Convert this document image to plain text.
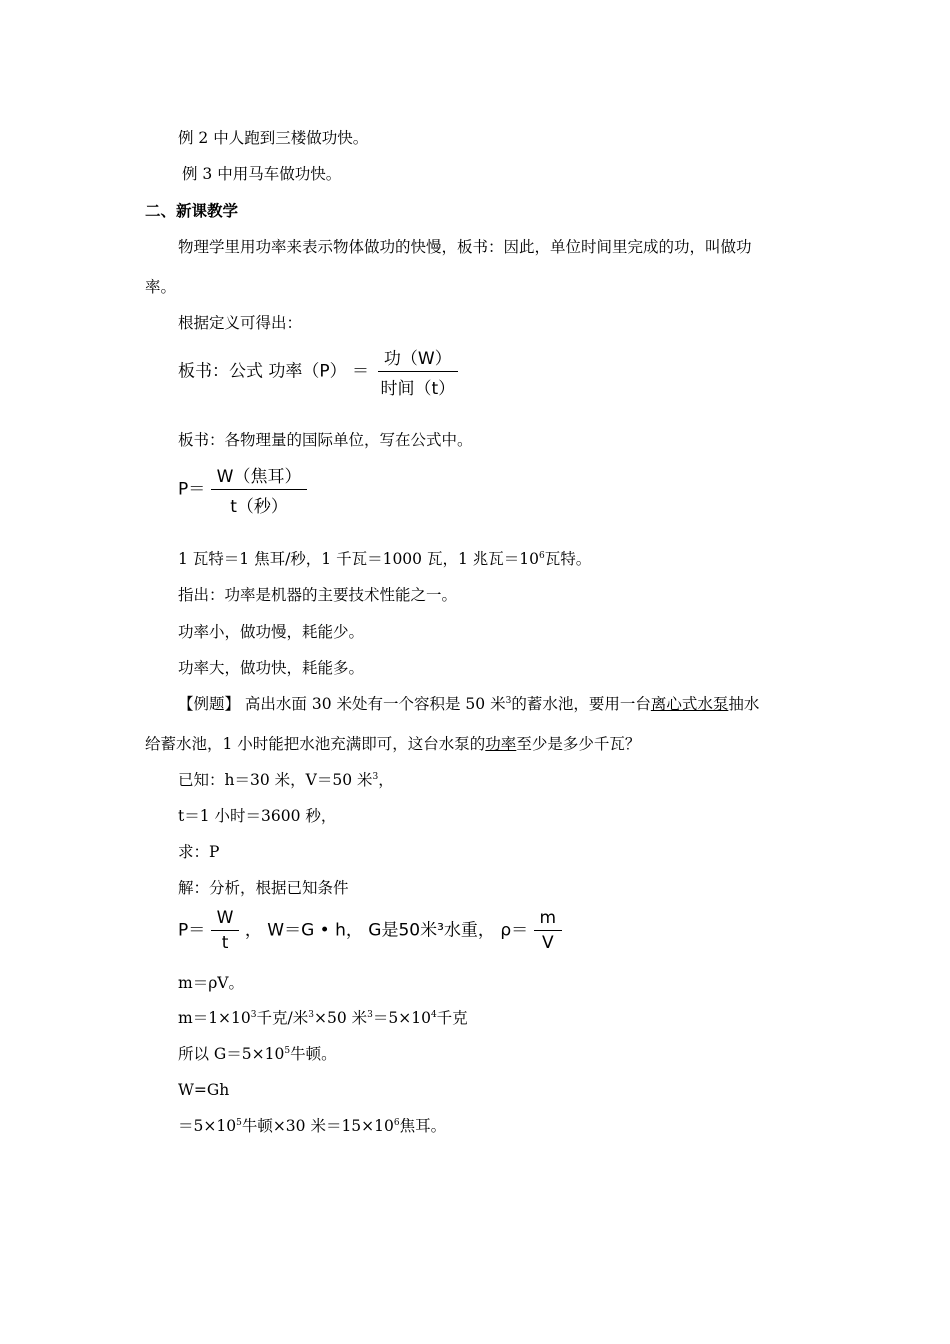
例 2 中人跑到三楼做功快。
例 3 中用马车做功快。
二、新课教学
物理学里用功率来表示物体做功的快慢，板书：因此，单位时间里完成的功，叫做功
率。
根据定义可得出：
板书：公式 功率$(P) = \frac{\text{功（W）}}{\text{时间（t）}}$
板书：各物理量的国际单位，写在公式中。
$P= \frac{\text{W（焦耳）}}{\text{t（秒）}}$
1 瓦特＝1 焦耳/秒，1 千瓦＝1000 瓦，1 兆瓦$=10^6$瓦特。
指出：功率是机器的主要技术性能之一。
功率小，做功慢，耗能少。
功率大，做功快，耗能多。
【例题】 高出水面 30 米处有一个容积是 50 米$^3$的蓄水池，要用一台离心式水泵抽水
给蓄水池，1 小时能把水池充满即可，这台水泵的功率至少是多少千瓦？
已知：h＝30 米，V＝50 米$^3$，
t＝1 小时＝3600 秒，
求：P
解：分析，根据已知条件
$P= \frac{W}{t}$ ， W＝G • h， G是50米³水重， $\rho= \frac{m}{V}$
m＝ρV。
$m=1\times 10^3$千克/米$^3$×50 米$^3=5\times 10^4$千克
所以 $G=5\times 10^5$牛顿。
W=Gh
$=5\times 10^5$牛顿×30 米$=15\times 10^6$焦耳。
